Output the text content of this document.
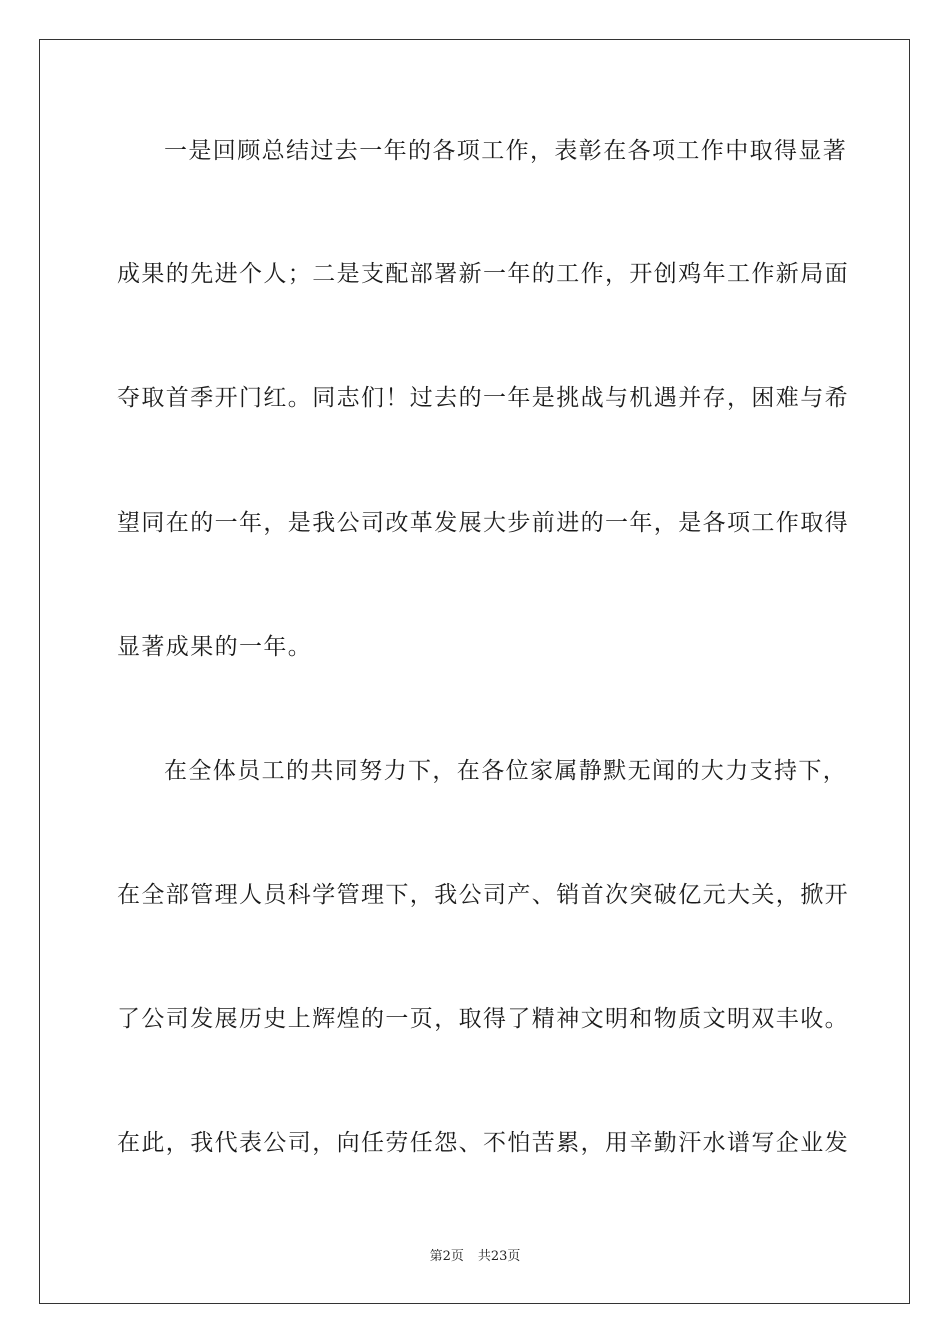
一是回顾总结过去一年的各项工作，表彰在各项工作中取得显著
成果的先进个人；二是支配部署新一年的工作，开创鸡年工作新局面
夺取首季开门红。同志们！过去的一年是挑战与机遇并存，困难与希
望同在的一年，是我公司改革发展大步前进的一年，是各项工作取得
显著成果的一年。
在全体员工的共同努力下，在各位家属静默无闻的大力支持下，
在全部管理人员科学管理下，我公司产、销首次突破亿元大关，掀开
了公司发展历史上辉煌的一页，取得了精神文明和物质文明双丰收。
在此，我代表公司，向任劳任怨、不怕苦累，用辛勤汗水谱写企业发
第2页 共23页
